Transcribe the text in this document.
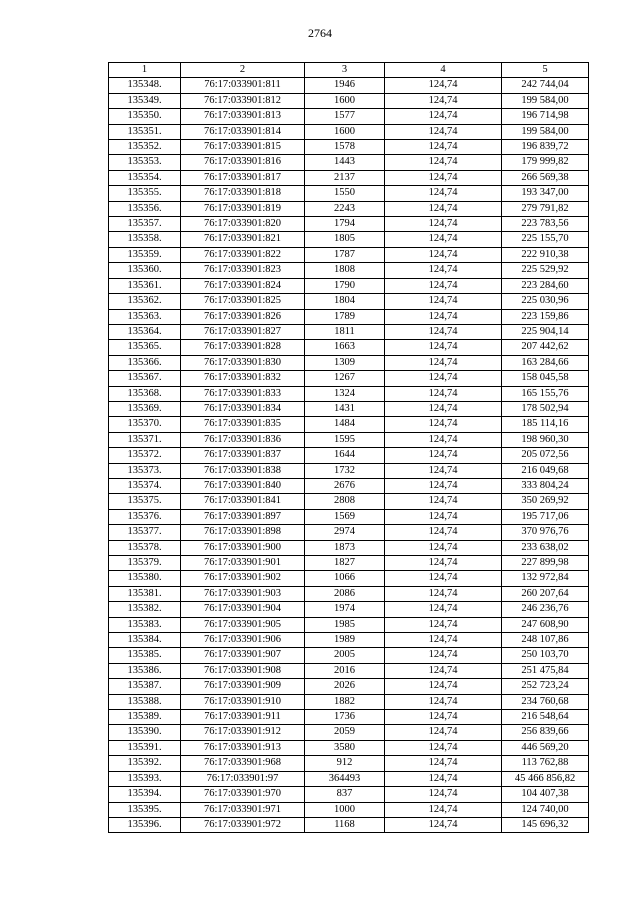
2764
1	2	3	4	5
135348.	76:17:033901:811	1946	124,74	242 744,04
135349.	76:17:033901:812	1600	124,74	199 584,00
135350.	76:17:033901:813	1577	124,74	196 714,98
135351.	76:17:033901:814	1600	124,74	199 584,00
135352.	76:17:033901:815	1578	124,74	196 839,72
135353.	76:17:033901:816	1443	124,74	179 999,82
135354.	76:17:033901:817	2137	124,74	266 569,38
135355.	76:17:033901:818	1550	124,74	193 347,00
135356.	76:17:033901:819	2243	124,74	279 791,82
135357.	76:17:033901:820	1794	124,74	223 783,56
135358.	76:17:033901:821	1805	124,74	225 155,70
135359.	76:17:033901:822	1787	124,74	222 910,38
135360.	76:17:033901:823	1808	124,74	225 529,92
135361.	76:17:033901:824	1790	124,74	223 284,60
135362.	76:17:033901:825	1804	124,74	225 030,96
135363.	76:17:033901:826	1789	124,74	223 159,86
135364.	76:17:033901:827	1811	124,74	225 904,14
135365.	76:17:033901:828	1663	124,74	207 442,62
135366.	76:17:033901:830	1309	124,74	163 284,66
135367.	76:17:033901:832	1267	124,74	158 045,58
135368.	76:17:033901:833	1324	124,74	165 155,76
135369.	76:17:033901:834	1431	124,74	178 502,94
135370.	76:17:033901:835	1484	124,74	185 114,16
135371.	76:17:033901:836	1595	124,74	198 960,30
135372.	76:17:033901:837	1644	124,74	205 072,56
135373.	76:17:033901:838	1732	124,74	216 049,68
135374.	76:17:033901:840	2676	124,74	333 804,24
135375.	76:17:033901:841	2808	124,74	350 269,92
135376.	76:17:033901:897	1569	124,74	195 717,06
135377.	76:17:033901:898	2974	124,74	370 976,76
135378.	76:17:033901:900	1873	124,74	233 638,02
135379.	76:17:033901:901	1827	124,74	227 899,98
135380.	76:17:033901:902	1066	124,74	132 972,84
135381.	76:17:033901:903	2086	124,74	260 207,64
135382.	76:17:033901:904	1974	124,74	246 236,76
135383.	76:17:033901:905	1985	124,74	247 608,90
135384.	76:17:033901:906	1989	124,74	248 107,86
135385.	76:17:033901:907	2005	124,74	250 103,70
135386.	76:17:033901:908	2016	124,74	251 475,84
135387.	76:17:033901:909	2026	124,74	252 723,24
135388.	76:17:033901:910	1882	124,74	234 760,68
135389.	76:17:033901:911	1736	124,74	216 548,64
135390.	76:17:033901:912	2059	124,74	256 839,66
135391.	76:17:033901:913	3580	124,74	446 569,20
135392.	76:17:033901:968	912	124,74	113 762,88
135393.	76:17:033901:97	364493	124,74	45 466 856,82
135394.	76:17:033901:970	837	124,74	104 407,38
135395.	76:17:033901:971	1000	124,74	124 740,00
135396.	76:17:033901:972	1168	124,74	145 696,32
